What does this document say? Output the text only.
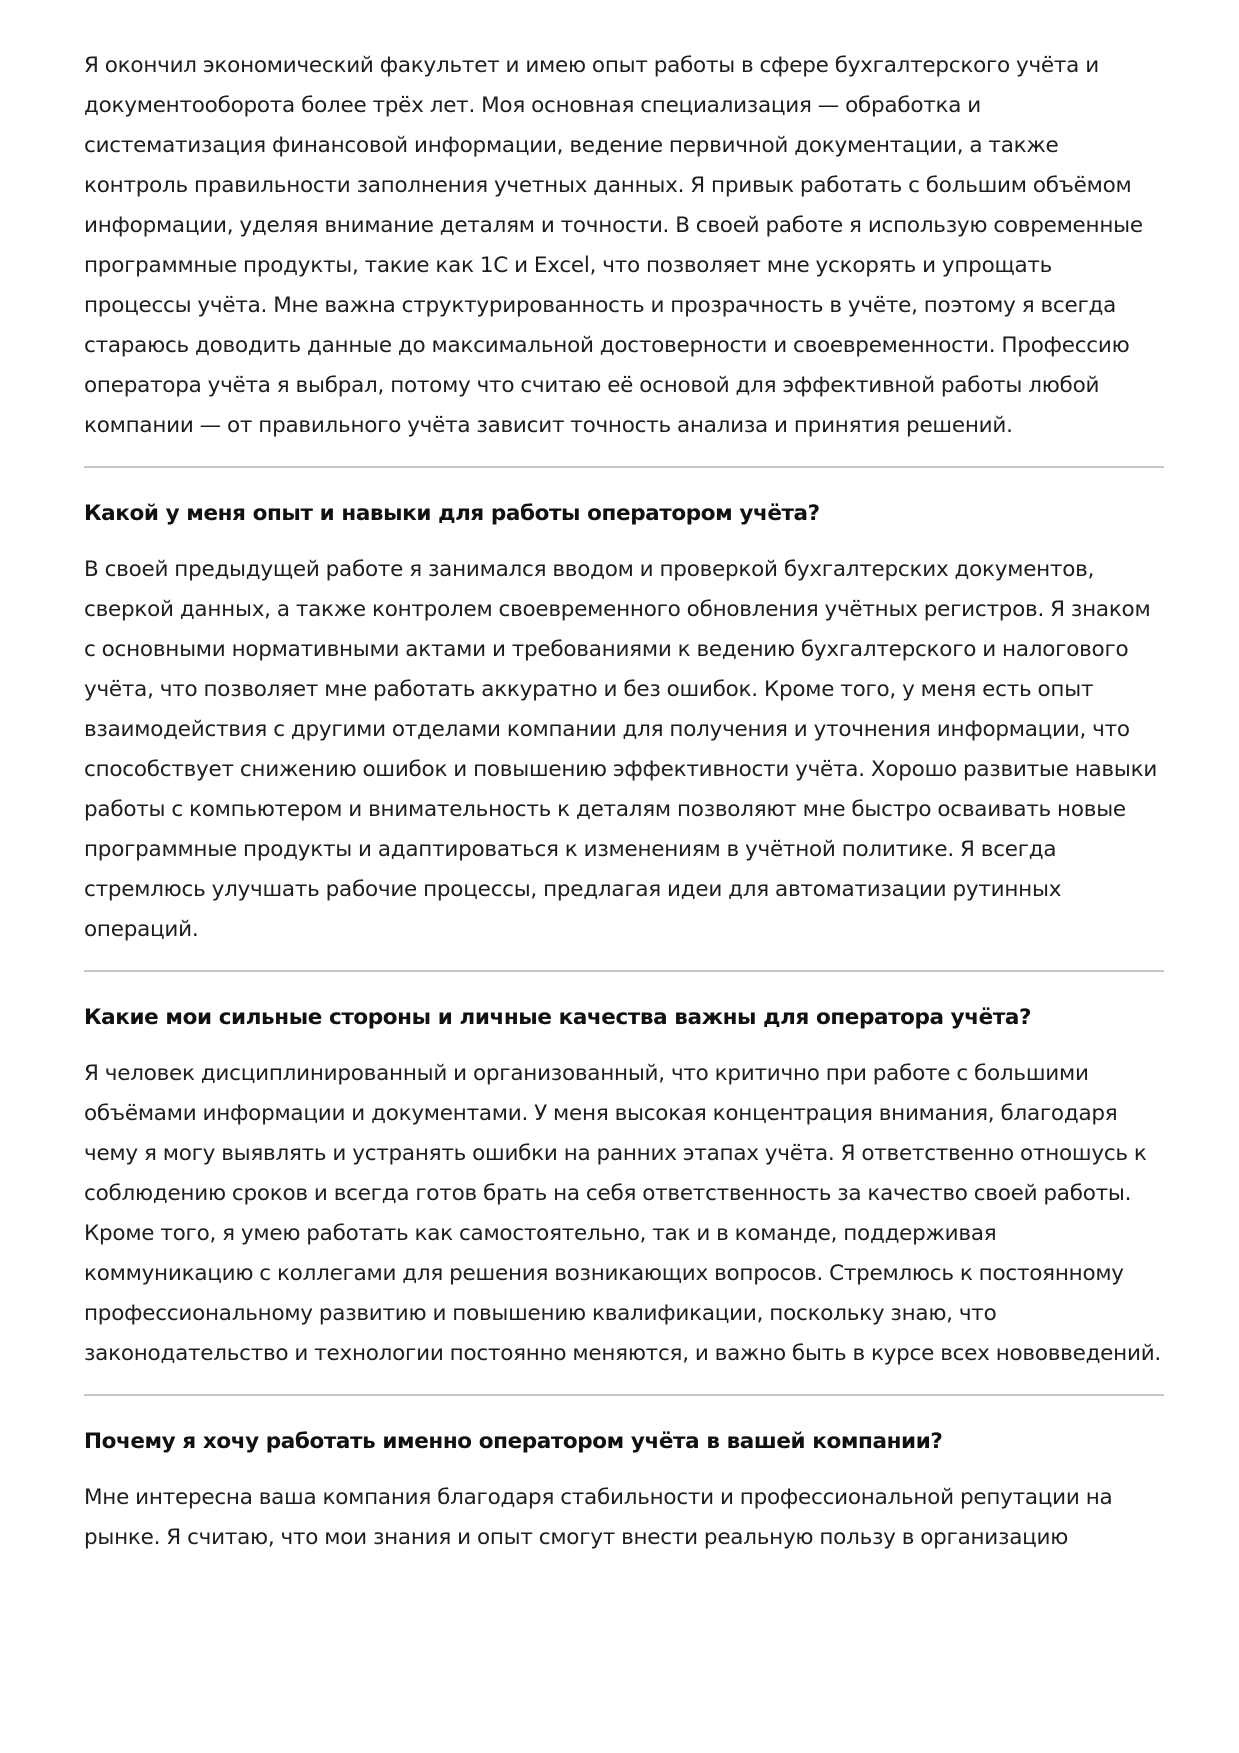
Я окончил экономический факультет и имею опыт работы в сфере бухгалтерского учёта и документооборота более трёх лет. Моя основная специализация — обработка и систематизация финансовой информации, ведение первичной документации, а также контроль правильности заполнения учетных данных. Я привык работать с большим объёмом информации, уделяя внимание деталям и точности. В своей работе я использую современные программные продукты, такие как 1С и Excel, что позволяет мне ускорять и упрощать процессы учёта. Мне важна структурированность и прозрачность в учёте, поэтому я всегда стараюсь доводить данные до максимальной достоверности и своевременности. Профессию оператора учёта я выбрал, потому что считаю её основой для эффективной работы любой компании — от правильного учёта зависит точность анализа и принятия решений.

Какой у меня опыт и навыки для работы оператором учёта?

В своей предыдущей работе я занимался вводом и проверкой бухгалтерских документов, сверкой данных, а также контролем своевременного обновления учётных регистров. Я знаком с основными нормативными актами и требованиями к ведению бухгалтерского и налогового учёта, что позволяет мне работать аккуратно и без ошибок. Кроме того, у меня есть опыт взаимодействия с другими отделами компании для получения и уточнения информации, что способствует снижению ошибок и повышению эффективности учёта. Хорошо развитые навыки работы с компьютером и внимательность к деталям позволяют мне быстро осваивать новые программные продукты и адаптироваться к изменениям в учётной политике. Я всегда стремлюсь улучшать рабочие процессы, предлагая идеи для автоматизации рутинных операций.

Какие мои сильные стороны и личные качества важны для оператора учёта?

Я человек дисциплинированный и организованный, что критично при работе с большими объёмами информации и документами. У меня высокая концентрация внимания, благодаря чему я могу выявлять и устранять ошибки на ранних этапах учёта. Я ответственно отношусь к соблюдению сроков и всегда готов брать на себя ответственность за качество своей работы. Кроме того, я умею работать как самостоятельно, так и в команде, поддерживая коммуникацию с коллегами для решения возникающих вопросов. Стремлюсь к постоянному профессиональному развитию и повышению квалификации, поскольку знаю, что законодательство и технологии постоянно меняются, и важно быть в курсе всех нововведений.

Почему я хочу работать именно оператором учёта в вашей компании?

Мне интересна ваша компания благодаря стабильности и профессиональной репутации на рынке. Я считаю, что мои знания и опыт смогут внести реальную пользу в организацию
